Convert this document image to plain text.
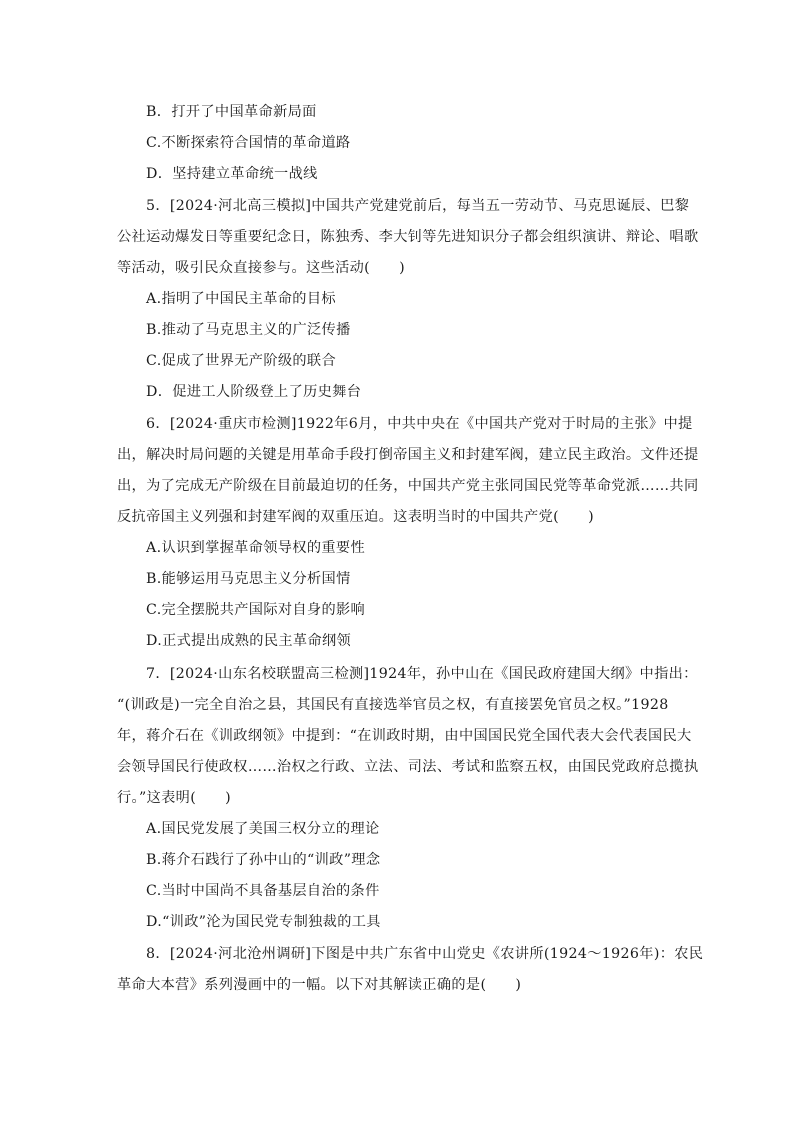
B．打开了中国革命新局面
C.不断探索符合国情的革命道路
D．坚持建立革命统一战线
5．[2024·河北高三模拟]中国共产党建党前后，每当五一劳动节、马克思诞辰、巴黎
公社运动爆发日等重要纪念日，陈独秀、李大钊等先进知识分子都会组织演讲、辩论、唱歌
等活动，吸引民众直接参与。这些活动(　　)
A.指明了中国民主革命的目标
B.推动了马克思主义的广泛传播
C.促成了世界无产阶级的联合
D．促进工人阶级登上了历史舞台
6．[2024·重庆市检测]1922年6月，中共中央在《中国共产党对于时局的主张》中提
出，解决时局问题的关键是用革命手段打倒帝国主义和封建军阀，建立民主政治。文件还提
出，为了完成无产阶级在目前最迫切的任务，中国共产党主张同国民党等革命党派……共同
反抗帝国主义列强和封建军阀的双重压迫。这表明当时的中国共产党(　　)
A.认识到掌握革命领导权的重要性
B.能够运用马克思主义分析国情
C.完全摆脱共产国际对自身的影响
D.正式提出成熟的民主革命纲领
7．[2024·山东名校联盟高三检测]1924年，孙中山在《国民政府建国大纲》中指出：
“(训政是)一完全自治之县，其国民有直接选举官员之权，有直接罢免官员之权。”1928
年，蒋介石在《训政纲领》中提到：“在训政时期，由中国国民党全国代表大会代表国民大
会领导国民行使政权……治权之行政、立法、司法、考试和监察五权，由国民党政府总揽执
行。”这表明(　　)
A.国民党发展了美国三权分立的理论
B.蒋介石践行了孙中山的“训政”理念
C.当时中国尚不具备基层自治的条件
D.“训政”沦为国民党专制独裁的工具
8．[2024·河北沧州调研]下图是中共广东省中山党史《农讲所(1924～1926年)：农民
革命大本营》系列漫画中的一幅。以下对其解读正确的是(　　)
